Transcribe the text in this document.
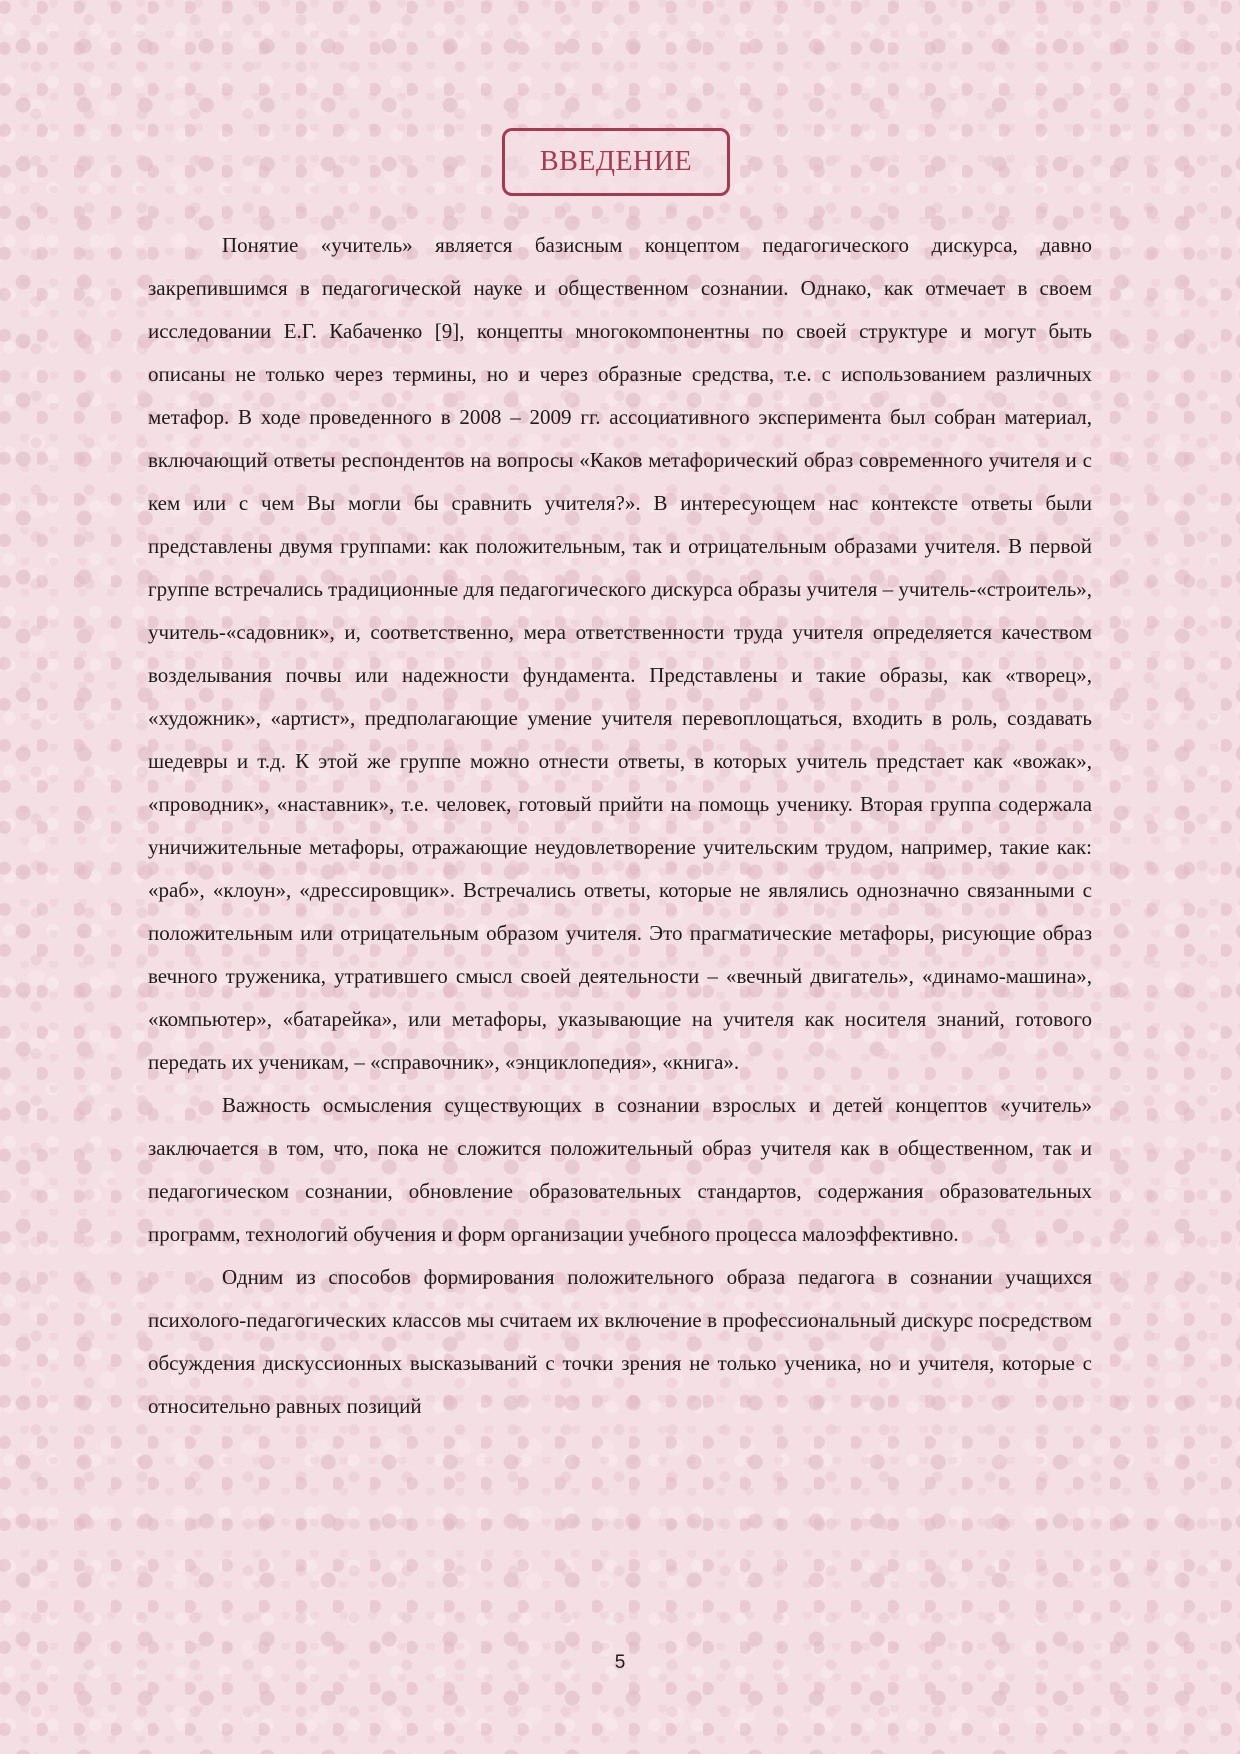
ВВЕДЕНИЕ

Понятие «учитель» является базисным концептом педагогического дискурса, давно закрепившимся в педагогической науке и общественном сознании. Однако, как отмечает в своем исследовании Е.Г. Кабаченко [9], концепты многокомпонентны по своей структуре и могут быть описаны не только через термины, но и через образные средства, т.е. с использованием различных метафор. В ходе проведенного в 2008 – 2009 гг. ассоциативного эксперимента был собран материал, включающий ответы респондентов на вопросы «Каков метафорический образ современного учителя и с кем или с чем Вы могли бы сравнить учителя?». В интересующем нас контексте ответы были представлены двумя группами: как положительным, так и отрицательным образами учителя. В первой группе встречались традиционные для педагогического дискурса образы учителя – учитель-«строитель», учитель-«садовник», и, соответственно, мера ответственности труда учителя определяется качеством возделывания почвы или надежности фундамента. Представлены и такие образы, как «творец», «художник», «артист», предполагающие умение учителя перевоплощаться, входить в роль, создавать шедевры и т.д. К этой же группе можно отнести ответы, в которых учитель предстает как «вожак», «проводник», «наставник», т.е. человек, готовый прийти на помощь ученику. Вторая группа содержала уничижительные метафоры, отражающие неудовлетворение учительским трудом, например, такие как: «раб», «клоун», «дрессировщик». Встречались ответы, которые не являлись однозначно связанными с положительным или отрицательным образом учителя. Это прагматические метафоры, рисующие образ вечного труженика, утратившего смысл своей деятельности – «вечный двигатель», «динамо-машина», «компьютер», «батарейка», или метафоры, указывающие на учителя как носителя знаний, готового передать их ученикам, – «справочник», «энциклопедия», «книга».

Важность осмысления существующих в сознании взрослых и детей концептов «учитель» заключается в том, что, пока не сложится положительный образ учителя как в общественном, так и педагогическом сознании, обновление образовательных стандартов, содержания образовательных программ, технологий обучения и форм организации учебного процесса малоэффективно.

Одним из способов формирования положительного образа педагога в сознании учащихся психолого-педагогических классов мы считаем их включение в профессиональный дискурс посредством обсуждения дискуссионных высказываний с точки зрения не только ученика, но и учителя, которые с относительно равных позиций

5
